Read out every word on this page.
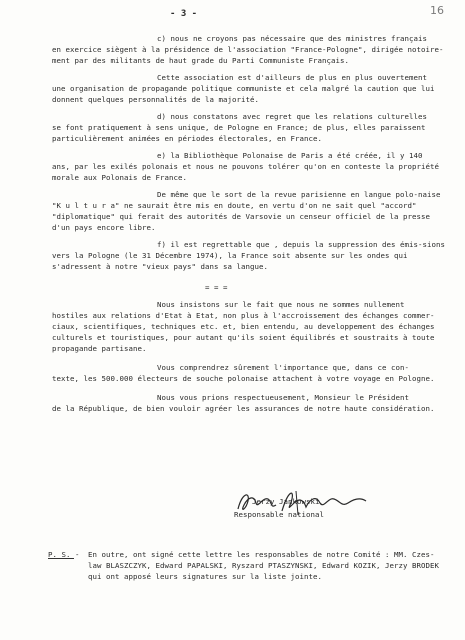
- 3 -	16
c) nous ne croyons pas nécessaire que des ministres français
en exercice siègent à la présidence de l'association "France-Pologne", dirigée notoire-
ment par des militants de haut grade du Parti Communiste Français.
Cette association est d'ailleurs de plus en plus ouvertement
une organisation de propagande politique communiste et cela malgré la caution que lui
donnent quelques personnalités de la majorité.
d) nous constatons avec regret que les relations culturelles
se font pratiquement à sens unique, de Pologne en France; de plus, elles paraissent
particulièrement animées en périodes électorales, en France.
e) la Bibliothèque Polonaise de Paris a été créée, il y 140
ans, par les exilés polonais et nous ne pouvons tolérer qu'on en conteste la propriété
morale aux Polonais de France.
De même que le sort de la revue parisienne en langue polo-naise
"K u l t u r a" ne saurait être mis en doute, en vertu d'on ne sait quel "accord"
"diplomatique" qui ferait des autorités de Varsovie un censeur officiel de la presse
d'un pays encore libre.
f) il est regrettable que , depuis la suppression des émis-sions
vers la Pologne (le 31 Décembre 1974), la France soit absente sur les ondes qui
s'adressent à notre "vieux pays" dans sa langue.
= = =
Nous insistons sur le fait que nous ne sommes nullement
hostiles aux relations d'Etat à Etat, non plus à l'accroissement des échanges commer-
ciaux, scientifiques, techniques etc. et, bien entendu, au developpement des échanges
culturels et touristiques, pour autant qu'ils soient équilibrés et soustraits à toute
propagande partisane.
Vous comprendrez sûrement l'importance que, dans ce con-
texte, les 500.000 électeurs de souche polonaise attachent à votre voyage en Pologne.
Nous vous prions respectueusement, Monsieur le Président
de la République, de bien vouloir agréer les assurances de notre haute considération.
Jerzy Jankowski
Responsable national
P. S. - En outre, ont signé cette lettre les responsables de notre Comité : MM. Czes-
law BLASZCZYK, Edward PAPALSKI, Ryszard PTASZYNSKI, Edward KOZIK, Jerzy BRODEK
qui ont apposé leurs signatures sur la liste jointe.
